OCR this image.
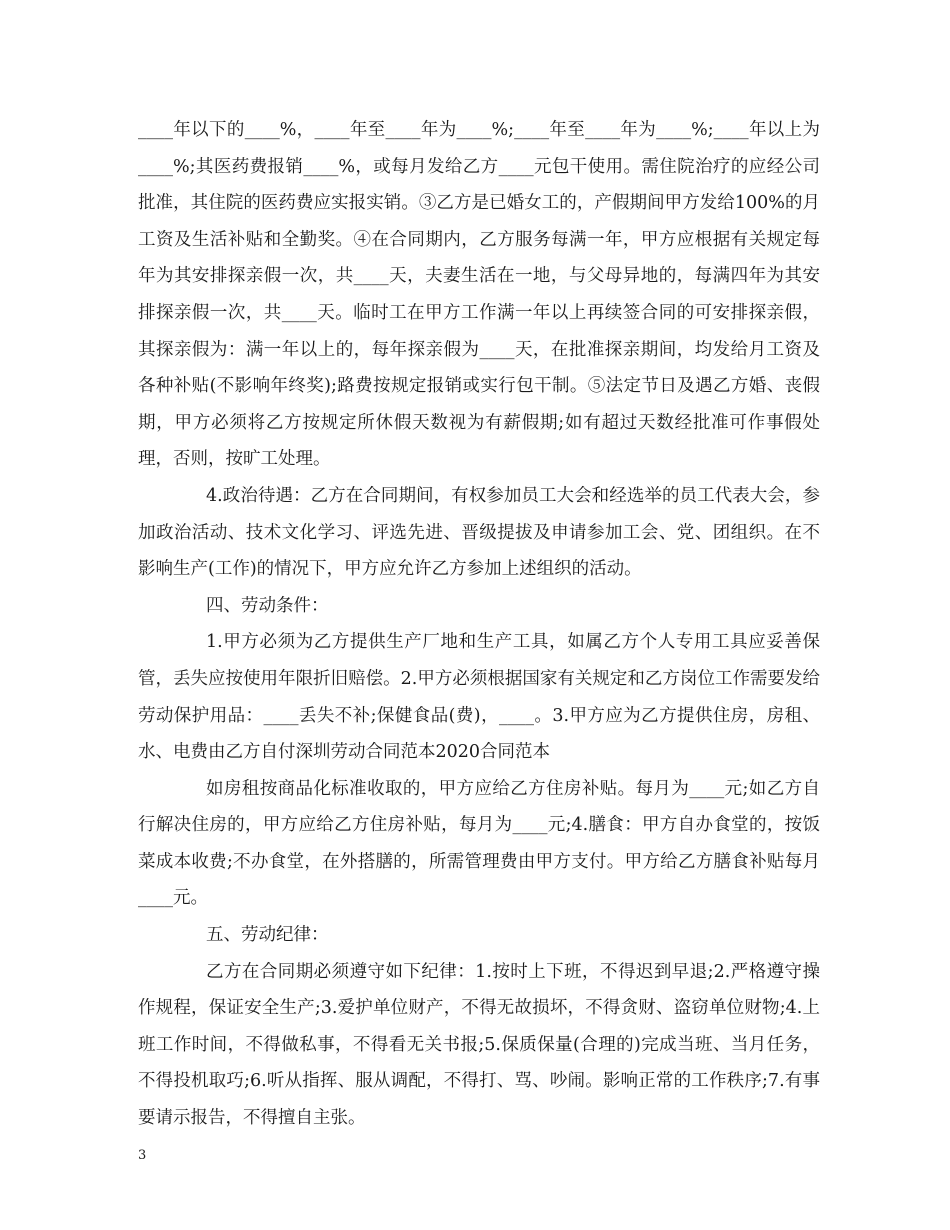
____年以下的____%，____年至____年为____%;____年至____年为____%;____年以上为____%;其医药费报销____%，或每月发给乙方____元包干使用。需住院治疗的应经公司批准，其住院的医药费应实报实销。③乙方是已婚女工的，产假期间甲方发给100%的月工资及生活补贴和全勤奖。④在合同期内，乙方服务每满一年，甲方应根据有关规定每年为其安排探亲假一次，共____天，夫妻生活在一地，与父母异地的，每满四年为其安排探亲假一次，共____天。临时工在甲方工作满一年以上再续签合同的可安排探亲假，其探亲假为：满一年以上的，每年探亲假为____天，在批准探亲期间，均发给月工资及各种补贴(不影响年终奖);路费按规定报销或实行包干制。⑤法定节日及遇乙方婚、丧假期，甲方必须将乙方按规定所休假天数视为有薪假期;如有超过天数经批准可作事假处理，否则，按旷工处理。

4.政治待遇：乙方在合同期间，有权参加员工大会和经选举的员工代表大会，参加政治活动、技术文化学习、评选先进、晋级提拔及申请参加工会、党、团组织。在不影响生产(工作)的情况下，甲方应允许乙方参加上述组织的活动。

四、劳动条件：

1.甲方必须为乙方提供生产厂地和生产工具，如属乙方个人专用工具应妥善保管，丢失应按使用年限折旧赔偿。2.甲方必须根据国家有关规定和乙方岗位工作需要发给劳动保护用品：____丢失不补;保健食品(费)，____。3.甲方应为乙方提供住房，房租、水、电费由乙方自付深圳劳动合同范本2020合同范本

如房租按商品化标准收取的，甲方应给乙方住房补贴。每月为____元;如乙方自行解决住房的，甲方应给乙方住房补贴，每月为____元;4.膳食：甲方自办食堂的，按饭菜成本收费;不办食堂，在外搭膳的，所需管理费由甲方支付。甲方给乙方膳食补贴每月____元。

五、劳动纪律：

乙方在合同期必须遵守如下纪律：1.按时上下班，不得迟到早退;2.严格遵守操作规程，保证安全生产;3.爱护单位财产，不得无故损坏，不得贪财、盗窃单位财物;4.上班工作时间，不得做私事，不得看无关书报;5.保质保量(合理的)完成当班、当月任务，不得投机取巧;6.听从指挥、服从调配，不得打、骂、吵闹。影响正常的工作秩序;7.有事要请示报告，不得擅自主张。

3
